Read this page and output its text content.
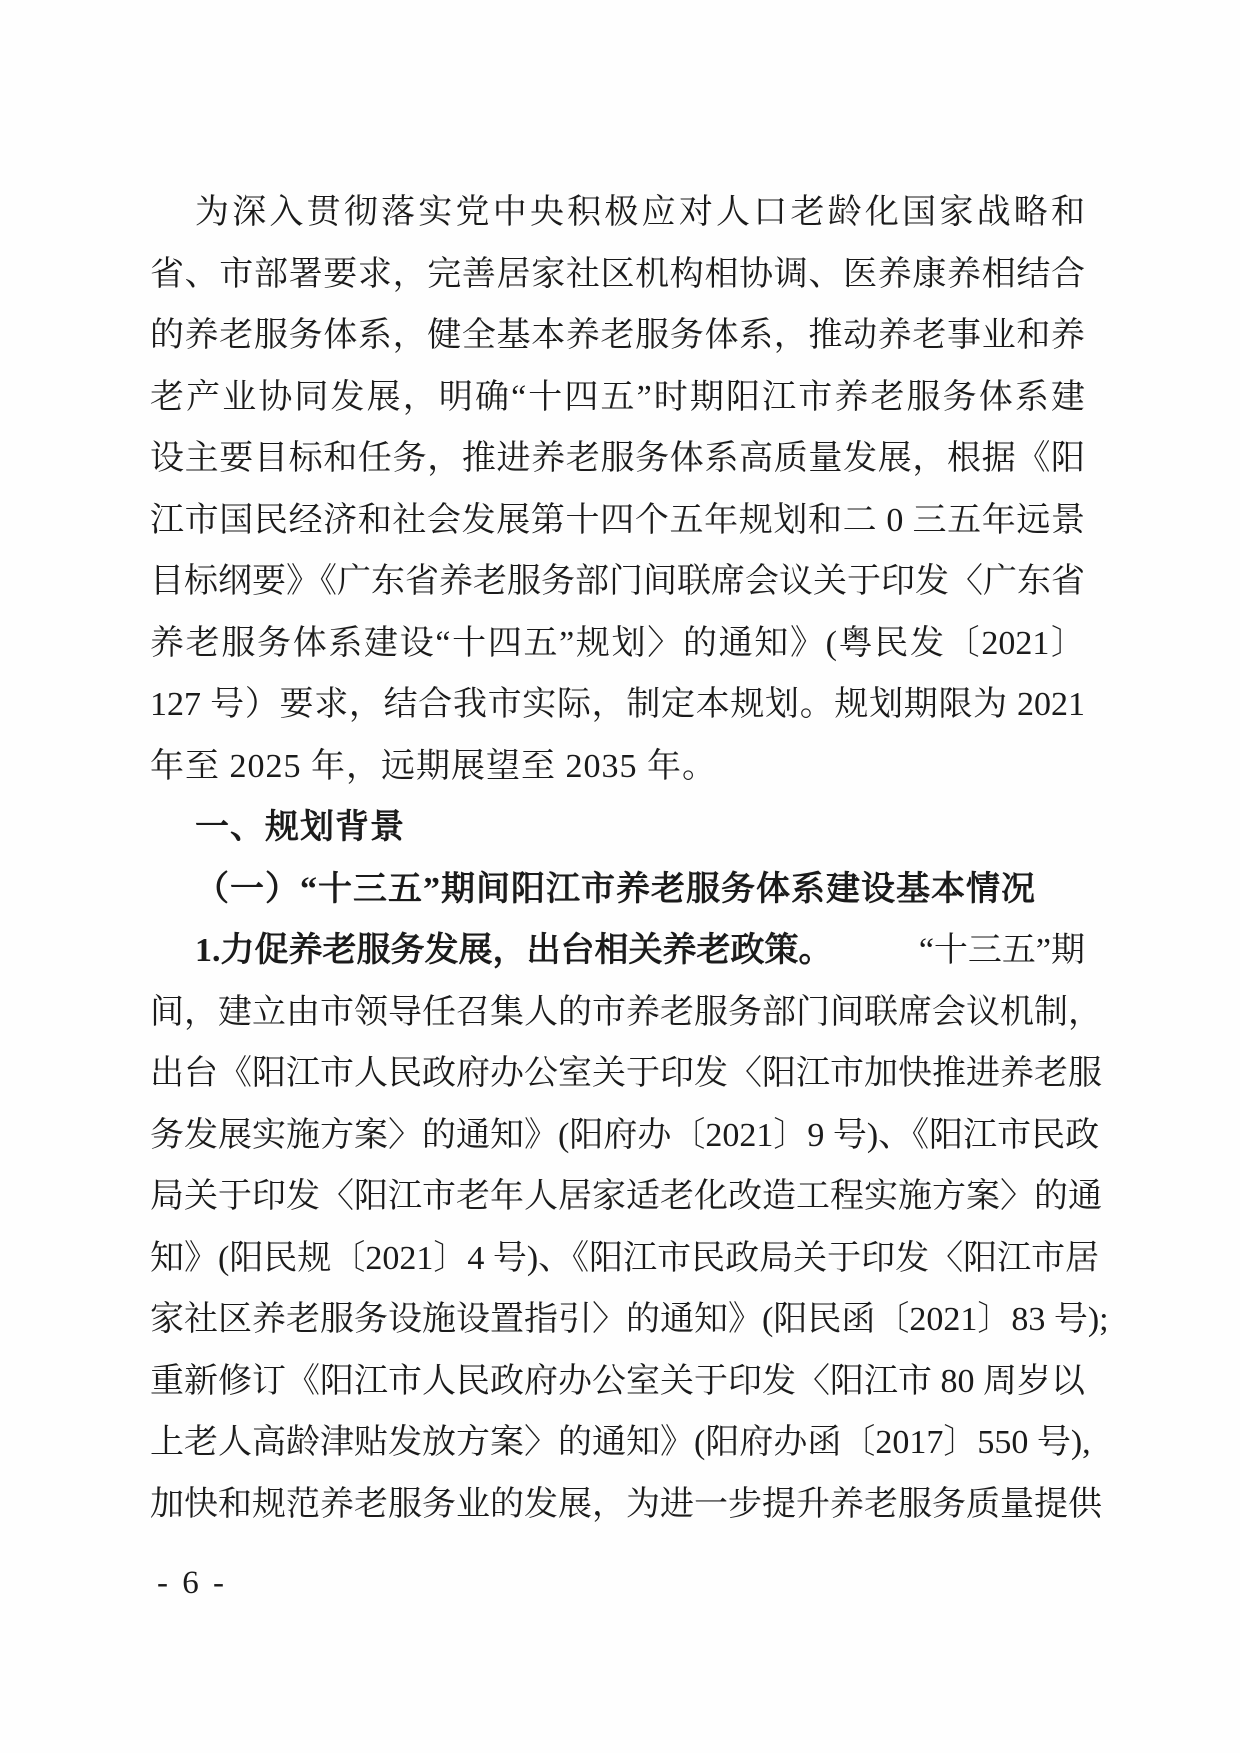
为深入贯彻落实党中央积极应对人口老龄化国家战略和
省、市部署要求，完善居家社区机构相协调、医养康养相结合
的养老服务体系，健全基本养老服务体系，推动养老事业和养
老产业协同发展，明确“十四五”时期阳江市养老服务体系建
设主要目标和任务，推进养老服务体系高质量发展，根据《阳
江市国民经济和社会发展第十四个五年规划和二 0 三五年远景
目标纲要》《广东省养老服务部门间联席会议关于印发〈广东省
养老服务体系建设“十四五”规划〉的通知》(粤民发〔2021〕
127 号）要求，结合我市实际，制定本规划。规划期限为 2021
年至 2025 年，远期展望至 2035 年。
一、规划背景
（一）“十三五”期间阳江市养老服务体系建设基本情况
1.力促养老服务发展，出台相关养老政策。	“十三五”期
间，建立由市领导任召集人的市养老服务部门间联席会议机制，
出台《阳江市人民政府办公室关于印发〈阳江市加快推进养老服
务发展实施方案〉的通知》(阳府办〔2021〕9 号)、《阳江市民政
局关于印发〈阳江市老年人居家适老化改造工程实施方案〉的通
知》(阳民规〔2021〕4 号)、《阳江市民政局关于印发〈阳江市居
家社区养老服务设施设置指引〉的通知》(阳民函〔2021〕83 号);
重新修订《阳江市人民政府办公室关于印发〈阳江市 80 周岁以
上老人高龄津贴发放方案〉的通知》(阳府办函〔2017〕550 号),
加快和规范养老服务业的发展，为进一步提升养老服务质量提供
- 6 -
